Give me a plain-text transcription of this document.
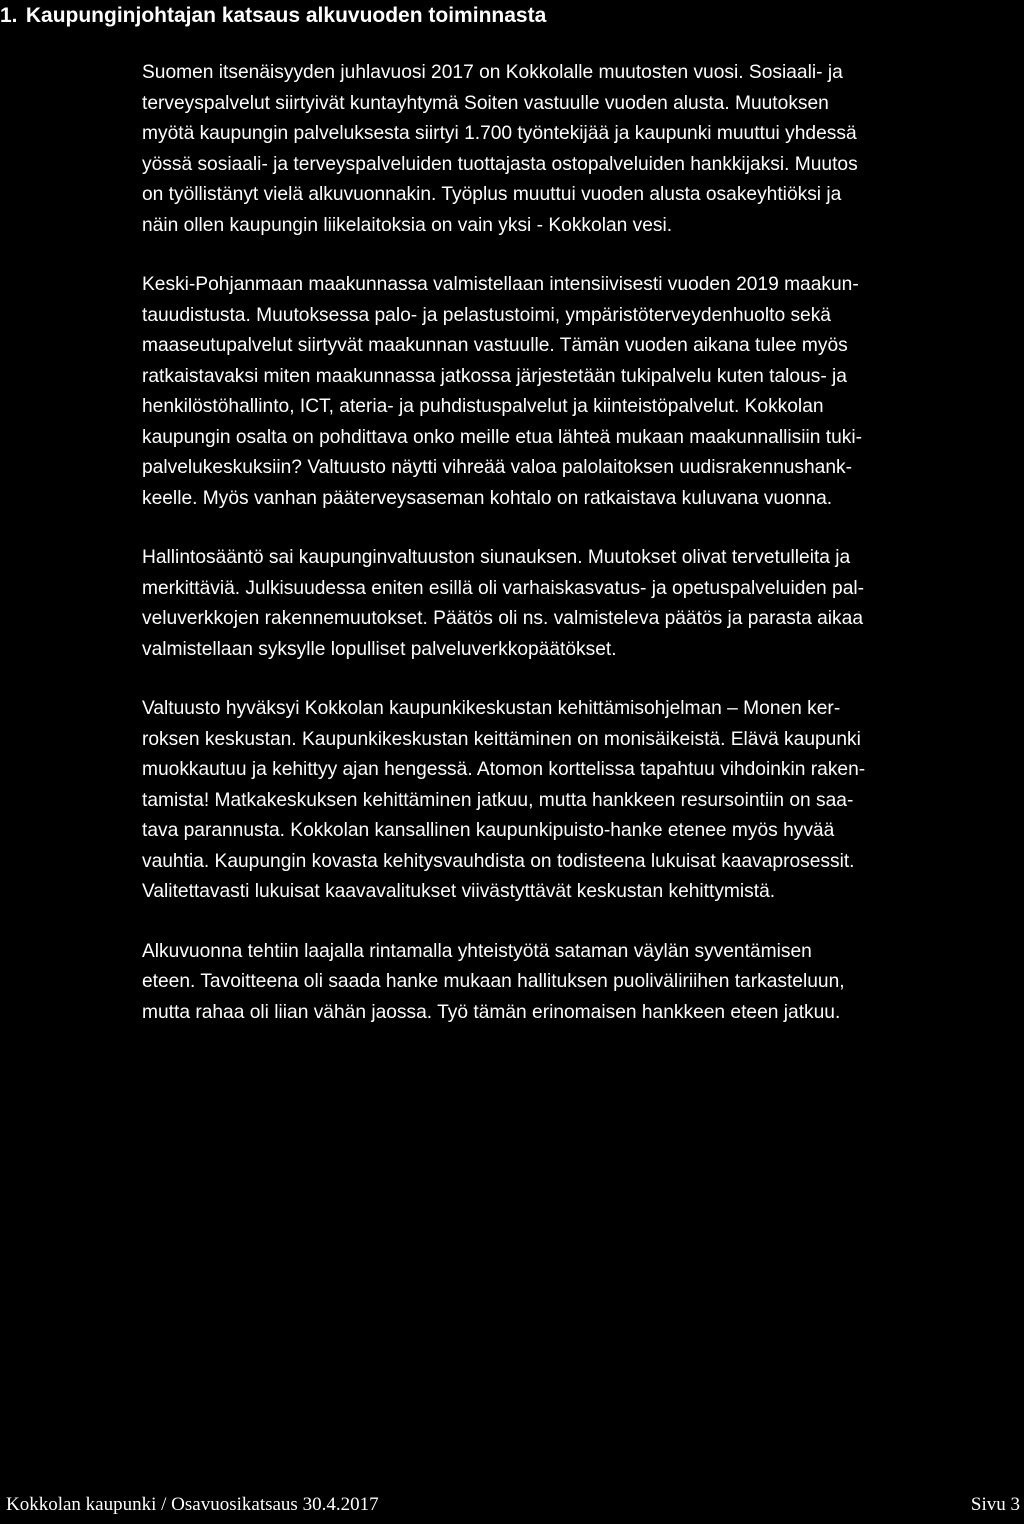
1. Kaupunginjohtajan katsaus alkuvuoden toiminnasta
Suomen itsenäisyyden juhlavuosi 2017 on Kokkolalle muutosten vuosi. Sosiaali- ja
terveyspalvelut siirtyivät kuntayhtymä Soiten vastuulle vuoden alusta. Muutoksen
myötä kaupungin palveluksesta siirtyi 1.700 työntekijää ja kaupunki muuttui yhdessä
yössä sosiaali- ja terveyspalveluiden tuottajasta ostopalveluiden hankkijaksi. Muutos
on työllistänyt vielä alkuvuonnakin. Työplus muuttui vuoden alusta osakeyhtiöksi ja
näin ollen kaupungin liikelaitoksia on vain yksi - Kokkolan vesi.
Keski-Pohjanmaan maakunnassa valmistellaan intensiivisesti vuoden 2019 maakun-
tauudistusta. Muutoksessa palo- ja pelastustoimi, ympäristöterveydenhuolto sekä
maaseutupalvelut siirtyvät maakunnan vastuulle. Tämän vuoden aikana tulee myös
ratkaistavaksi miten maakunnassa jatkossa järjestetään tukipalvelu kuten talous- ja
henkilöstöhallinto, ICT, ateria- ja puhdistuspalvelut ja kiinteistöpalvelut. Kokkolan
kaupungin osalta on pohdittava onko meille etua lähteä mukaan maakunnallisiin tuki-
palvelukeskuksiin? Valtuusto näytti vihreää valoa palolaitoksen uudisrakennushank-
keelle. Myös vanhan pääterveysaseman kohtalo on ratkaistava kuluvana vuonna.
Hallintosääntö sai kaupunginvaltuuston siunauksen. Muutokset olivat tervetulleita ja
merkittäviä. Julkisuudessa eniten esillä oli varhaiskasvatus- ja opetuspalveluiden pal-
veluverkkojen rakennemuutokset. Päätös oli ns. valmisteleva päätös ja parasta aikaa
valmistellaan syksylle lopulliset palveluverkkopäätökset.
Valtuusto hyväksyi Kokkolan kaupunkikeskustan kehittämisohjelman – Monen ker-
roksen keskustan. Kaupunkikeskustan keittäminen on monisäikeistä. Elävä kaupunki
muokkautuu ja kehittyy ajan hengessä. Atomon korttelissa tapahtuu vihdoinkin raken-
tamista! Matkakeskuksen kehittäminen jatkuu, mutta hankkeen resursointiin on saa-
tava parannusta. Kokkolan kansallinen kaupunkipuisto-hanke etenee myös hyvää
vauhtia. Kaupungin kovasta kehitysvauhdista on todisteena lukuisat kaavaprosessit.
Valitettavasti lukuisat kaavavalitukset viivästyttävät keskustan kehittymistä.
Alkuvuonna tehtiin laajalla rintamalla yhteistyötä sataman väylän syventämisen
eteen. Tavoitteena oli saada hanke mukaan hallituksen puoliväliriihen tarkasteluun,
mutta rahaa oli liian vähän jaossa. Työ tämän erinomaisen hankkeen eteen jatkuu.
Kokkolan kaupunki / Osavuosikatsaus 30.4.2017	Sivu 3
